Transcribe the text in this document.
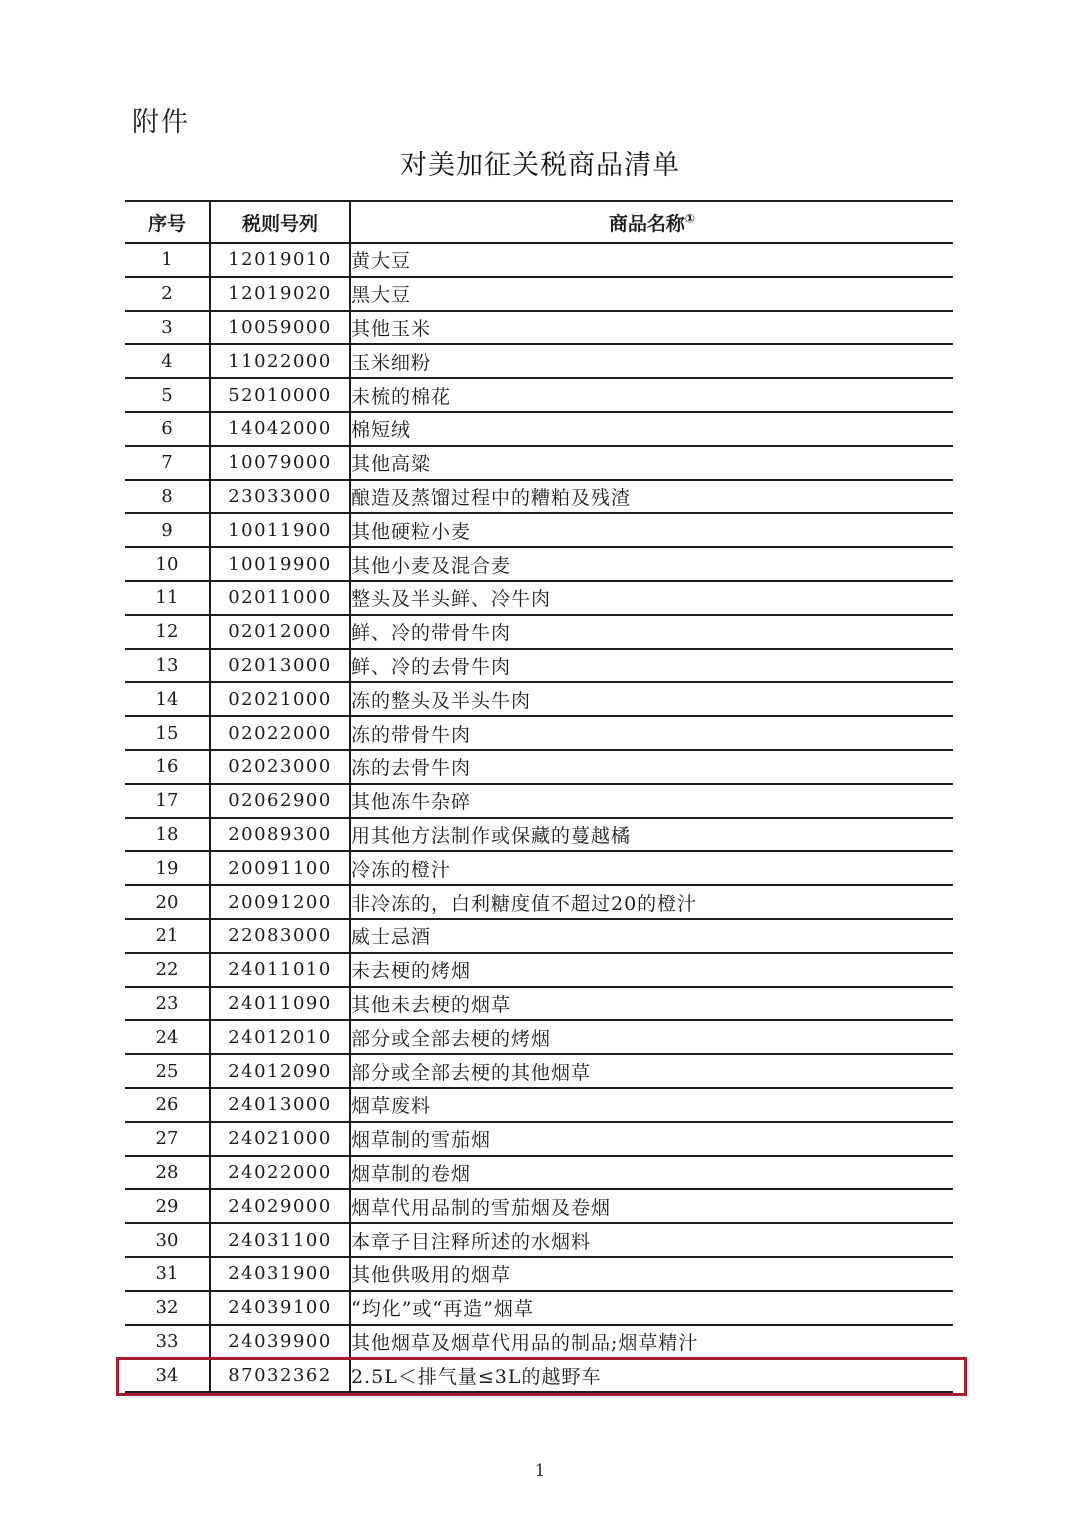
附件
对美加征关税商品清单
序号	税则号列	商品名称①
1	12019010	黄大豆
2	12019020	黑大豆
3	10059000	其他玉米
4	11022000	玉米细粉
5	52010000	未梳的棉花
6	14042000	棉短绒
7	10079000	其他高粱
8	23033000	酿造及蒸馏过程中的糟粕及残渣
9	10011900	其他硬粒小麦
10	10019900	其他小麦及混合麦
11	02011000	整头及半头鲜、冷牛肉
12	02012000	鲜、冷的带骨牛肉
13	02013000	鲜、冷的去骨牛肉
14	02021000	冻的整头及半头牛肉
15	02022000	冻的带骨牛肉
16	02023000	冻的去骨牛肉
17	02062900	其他冻牛杂碎
18	20089300	用其他方法制作或保藏的蔓越橘
19	20091100	冷冻的橙汁
20	20091200	非冷冻的，白利糖度值不超过20的橙汁
21	22083000	威士忌酒
22	24011010	未去梗的烤烟
23	24011090	其他未去梗的烟草
24	24012010	部分或全部去梗的烤烟
25	24012090	部分或全部去梗的其他烟草
26	24013000	烟草废料
27	24021000	烟草制的雪茄烟
28	24022000	烟草制的卷烟
29	24029000	烟草代用品制的雪茄烟及卷烟
30	24031100	本章子目注释所述的水烟料
31	24031900	其他供吸用的烟草
32	24039100	“均化”或“再造”烟草
33	24039900	其他烟草及烟草代用品的制品;烟草精汁
34	87032362	2.5L＜排气量≤3L的越野车
1
